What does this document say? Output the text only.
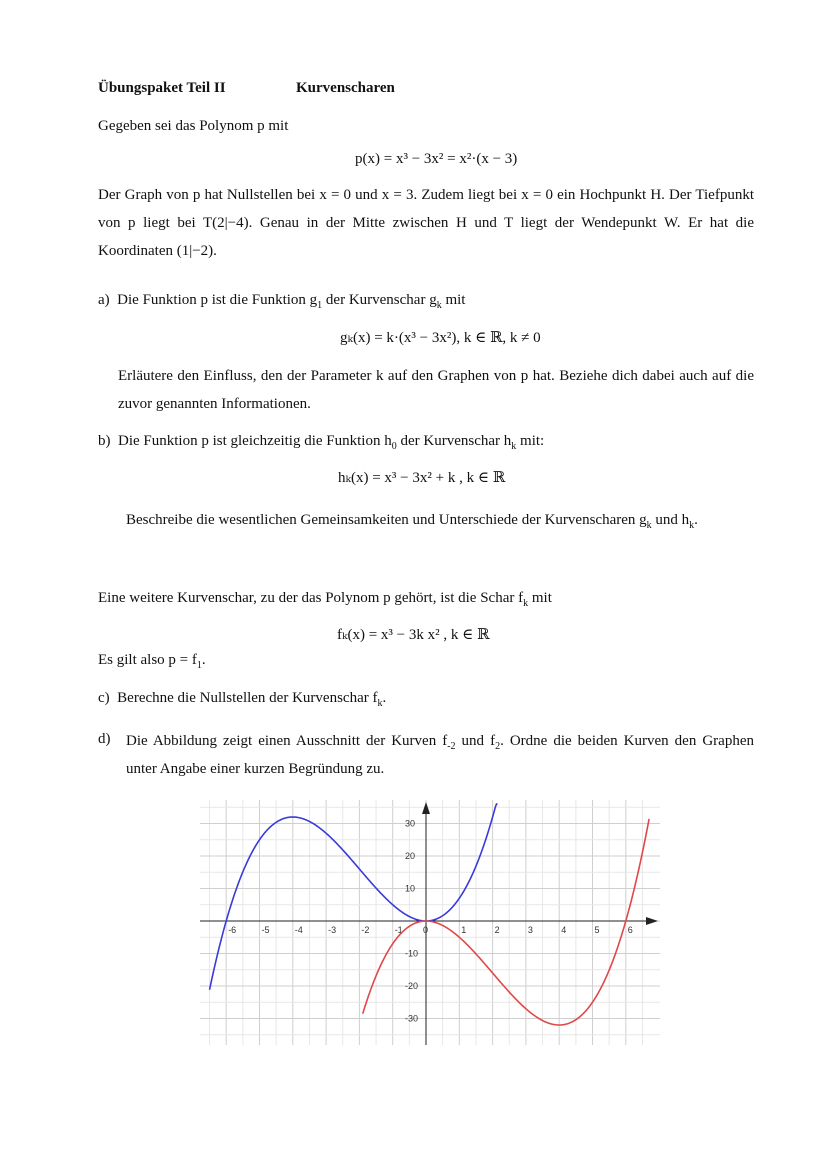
Übungspaket Teil II	Kurvenscharen
Gegeben sei das Polynom p mit
p(x) = x³ − 3x² = x²·(x − 3)
Der Graph von p hat Nullstellen bei x = 0 und x = 3. Zudem liegt bei x = 0 ein Hochpunkt H. Der Tiefpunkt von p liegt bei T(2|−4). Genau in der Mitte zwischen H und T liegt der Wendepunkt W. Er hat die Koordinaten (1|−2).
a) Die Funktion p ist die Funktion $g_1$ der Kurvenschar $g_k$ mit
gₖ(x) = k·(x³ − 3x²), k ∈ ℝ, k ≠ 0
Erläutere den Einfluss, den der Parameter k auf den Graphen von p hat. Beziehe dich dabei auch auf die zuvor genannten Informationen.
b) Die Funktion p ist gleichzeitig die Funktion $h_0$ der Kurvenschar $h_k$ mit:
hₖ(x) = x³ − 3x² + k , k ∈ ℝ
Beschreibe die wesentlichen Gemeinsamkeiten und Unterschiede der Kurvenscharen $g_k$ und $h_k$.
Eine weitere Kurvenschar, zu der das Polynom p gehört, ist die Schar $f_k$ mit
fₖ(x) = x³ − 3k x² , k ∈ ℝ
Es gilt also $p = f_1$.
c) Berechne die Nullstellen der Kurvenschar $f_k$.
d) Die Abbildung zeigt einen Ausschnitt der Kurven $f_{-2}$ und $f_2$. Ordne die beiden Kurven den Graphen unter Angabe einer kurzen Begründung zu.
-6	-5	-4	-3	-2	-1 0	1	2	3	4	5	6
-30
-20
-10
10
20
30
